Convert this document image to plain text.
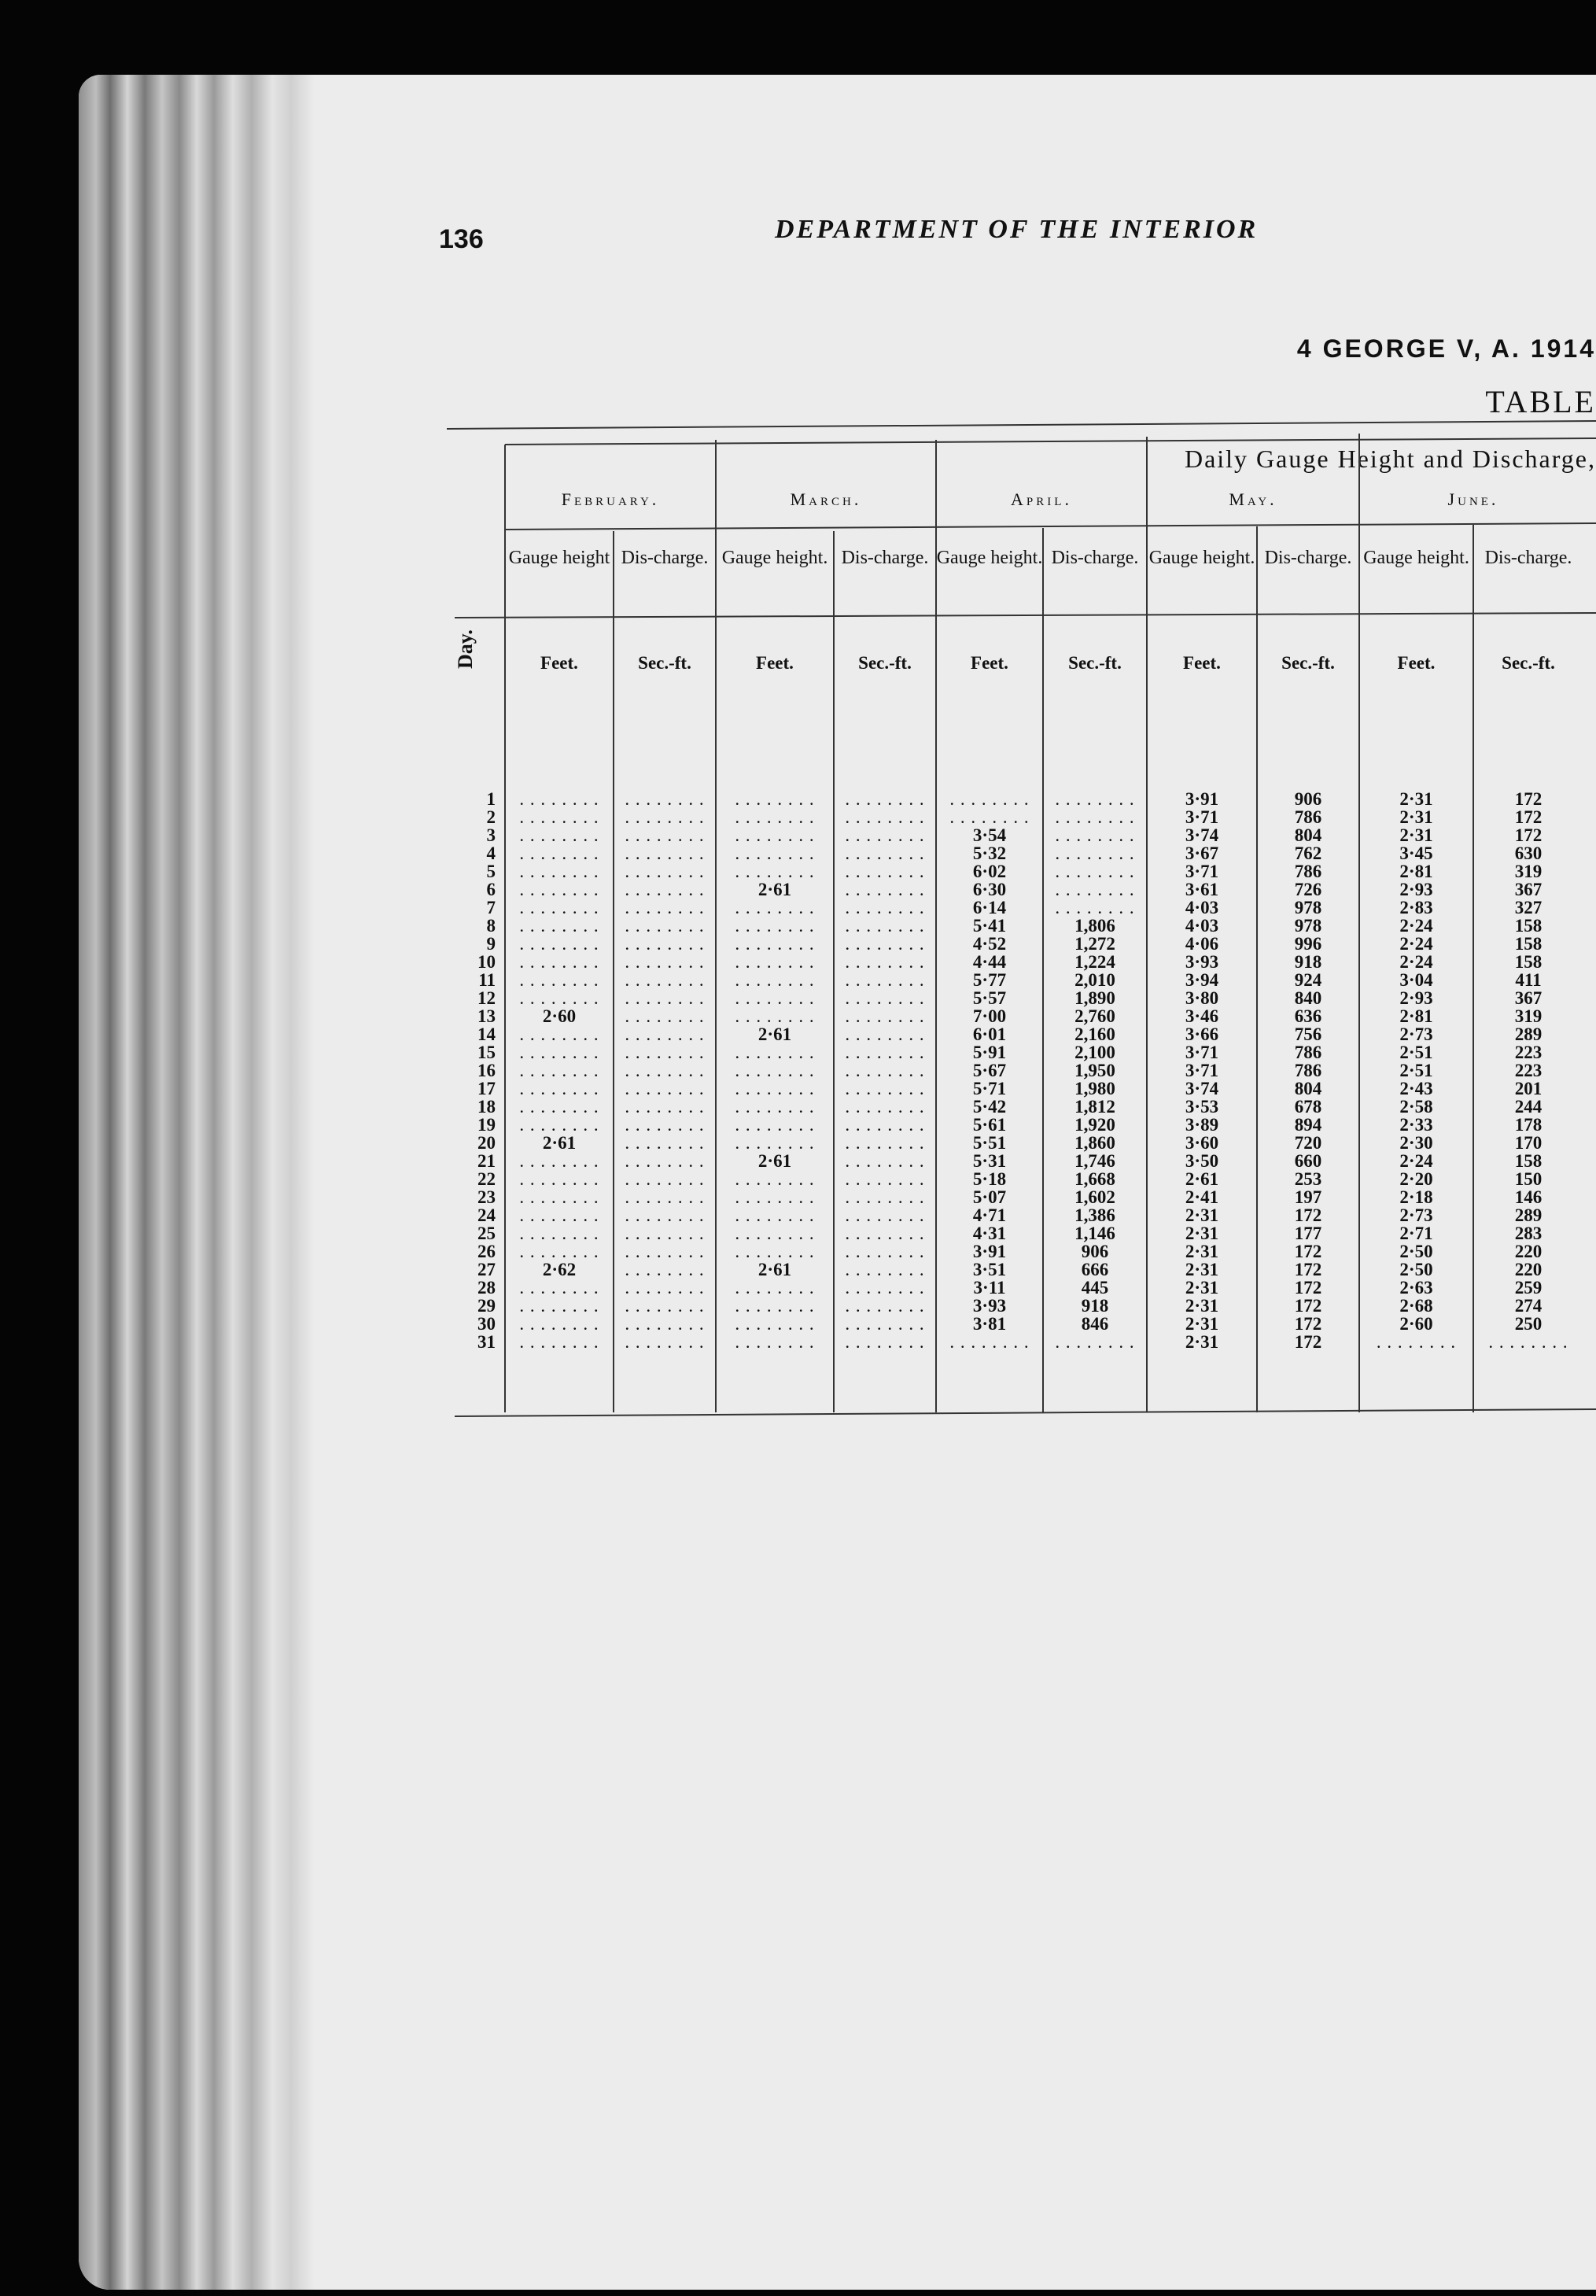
136	DEPARTMENT OF THE INTERIOR
4 GEORGE V, A. 1914
TABLE
Daily Gauge Height and Discharge,
Day.
February.	March.	April.	May.	June.
Gauge height Dis-charge. Gauge height. Dis-charge. Gauge height. Dis-charge. Gauge height. Dis-charge. Gauge height. Dis-charge.
Feet.	Sec.-ft.	Feet.	Sec.-ft.	Feet.	Sec.-ft.	Feet.	Sec.-ft.	Feet.	Sec.-ft.
1	. . . . . . . .	. . . . . . . .	. . . . . . . .	. . . . . . . .	. . . . . . . .	. . . . . . . .	3·91	906	2·31	172
2	. . . . . . . .	. . . . . . . .	. . . . . . . .	. . . . . . . .	. . . . . . . .	. . . . . . . .	3·71	786	2·31	172
3	. . . . . . . .	. . . . . . . .	. . . . . . . .	. . . . . . . .	3·54	. . . . . . . .	3·74	804	2·31	172
4	. . . . . . . .	. . . . . . . .	. . . . . . . .	. . . . . . . .	5·32	. . . . . . . .	3·67	762	3·45	630
5	. . . . . . . .	. . . . . . . .	. . . . . . . .	. . . . . . . .	6·02	. . . . . . . .	3·71	786	2·81	319
6	. . . . . . . .	. . . . . . . .	2·61	. . . . . . . .	6·30	. . . . . . . .	3·61	726	2·93	367
7	. . . . . . . .	. . . . . . . .	. . . . . . . .	. . . . . . . .	6·14	. . . . . . . .	4·03	978	2·83	327
8	. . . . . . . .	. . . . . . . .	. . . . . . . .	. . . . . . . .	5·41	1,806	4·03	978	2·24	158
9	. . . . . . . .	. . . . . . . .	. . . . . . . .	. . . . . . . .	4·52	1,272	4·06	996	2·24	158
10	. . . . . . . .	. . . . . . . .	. . . . . . . .	. . . . . . . .	4·44	1,224	3·93	918	2·24	158
11	. . . . . . . .	. . . . . . . .	. . . . . . . .	. . . . . . . .	5·77	2,010	3·94	924	3·04	411
12	. . . . . . . .	. . . . . . . .	. . . . . . . .	. . . . . . . .	5·57	1,890	3·80	840	2·93	367
13	2·60	. . . . . . . .	. . . . . . . .	. . . . . . . .	7·00	2,760	3·46	636	2·81	319
14	. . . . . . . .	. . . . . . . .	2·61	. . . . . . . .	6·01	2,160	3·66	756	2·73	289
15	. . . . . . . .	. . . . . . . .	. . . . . . . .	. . . . . . . .	5·91	2,100	3·71	786	2·51	223
16	. . . . . . . .	. . . . . . . .	. . . . . . . .	. . . . . . . .	5·67	1,950	3·71	786	2·51	223
17	. . . . . . . .	. . . . . . . .	. . . . . . . .	. . . . . . . .	5·71	1,980	3·74	804	2·43	201
18	. . . . . . . .	. . . . . . . .	. . . . . . . .	. . . . . . . .	5·42	1,812	3·53	678	2·58	244
19	. . . . . . . .	. . . . . . . .	. . . . . . . .	. . . . . . . .	5·61	1,920	3·89	894	2·33	178
20	2·61	. . . . . . . .	. . . . . . . .	. . . . . . . .	5·51	1,860	3·60	720	2·30	170
21	. . . . . . . .	. . . . . . . .	2·61	. . . . . . . .	5·31	1,746	3·50	660	2·24	158
22	. . . . . . . .	. . . . . . . .	. . . . . . . .	. . . . . . . .	5·18	1,668	2·61	253	2·20	150
23	. . . . . . . .	. . . . . . . .	. . . . . . . .	. . . . . . . .	5·07	1,602	2·41	197	2·18	146
24	. . . . . . . .	. . . . . . . .	. . . . . . . .	. . . . . . . .	4·71	1,386	2·31	172	2·73	289
25	. . . . . . . .	. . . . . . . .	. . . . . . . .	. . . . . . . .	4·31	1,146	2·31	177	2·71	283
26	. . . . . . . .	. . . . . . . .	. . . . . . . .	. . . . . . . .	3·91	906	2·31	172	2·50	220
27	2·62	. . . . . . . .	2·61	. . . . . . . .	3·51	666	2·31	172	2·50	220
28	. . . . . . . .	. . . . . . . .	. . . . . . . .	. . . . . . . .	3·11	445	2·31	172	2·63	259
29	. . . . . . . .	. . . . . . . .	. . . . . . . .	. . . . . . . .	3·93	918	2·31	172	2·68	274
30	. . . . . . . .	. . . . . . . .	. . . . . . . .	. . . . . . . .	3·81	846	2·31	172	2·60	250
31	. . . . . . . .	. . . . . . . .	. . . . . . . .	. . . . . . . .	. . . . . . . .	. . . . . . . .	2·31	172	. . . . . . . .	. . . . . . . .
